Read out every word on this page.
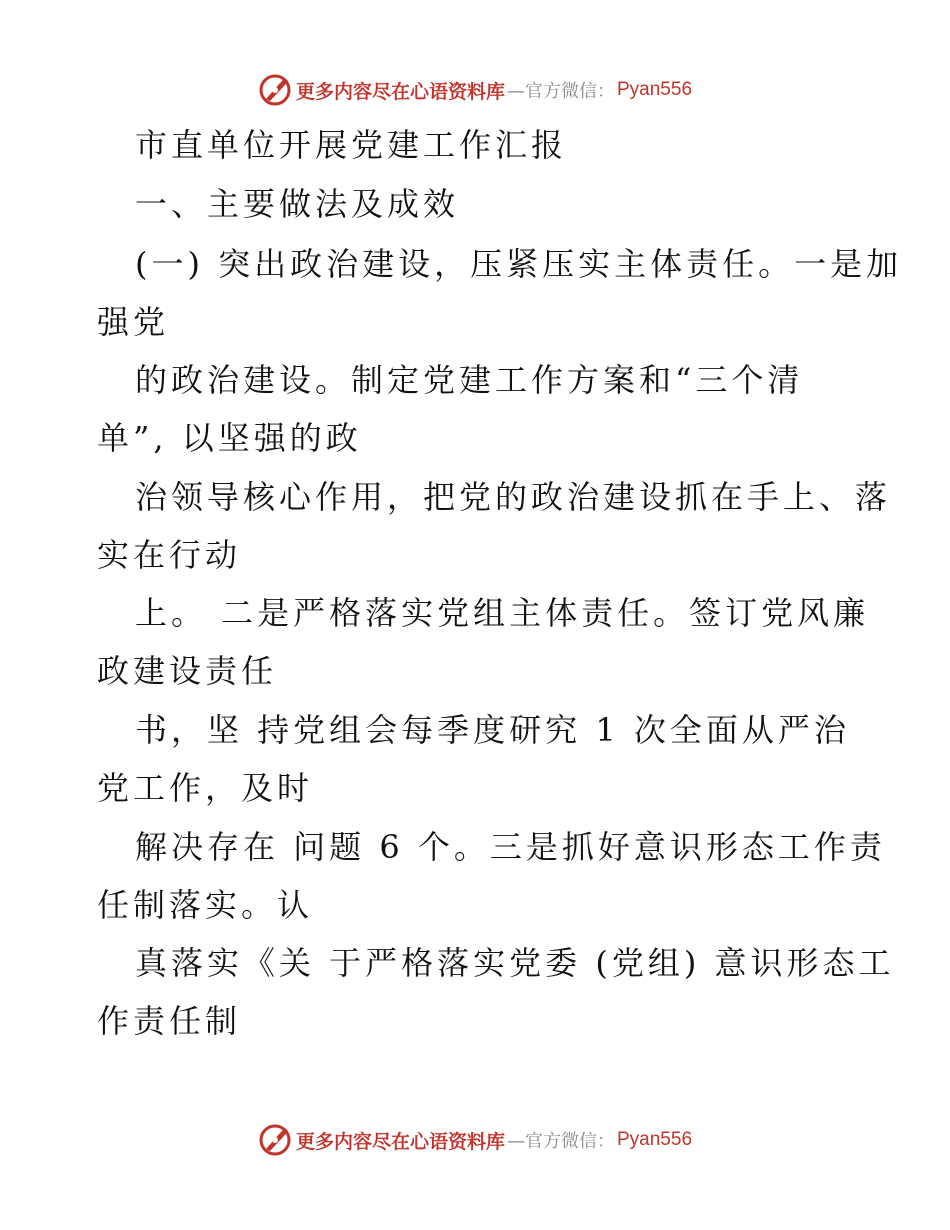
更多内容尽在心语资料库 —官方微信： Pyan556
市直单位开展党建工作汇报
一、主要做法及成效
(一) 突出政治建设，压紧压实主体责任。一是加
强党
的政治建设。制定党建工作方案和“三个清
单”, 以坚强的政
治领导核心作用，把党的政治建设抓在手上、落
实在行动
上。 二是严格落实党组主体责任。签订党风廉
政建设责任
书，坚 持党组会每季度研究 1 次全面从严治
党工作，及时
解决存在 问题 6 个。三是抓好意识形态工作责
任制落实。认
真落实《关 于严格落实党委 (党组) 意识形态工
作责任制
更多内容尽在心语资料库 —官方微信： Pyan556
